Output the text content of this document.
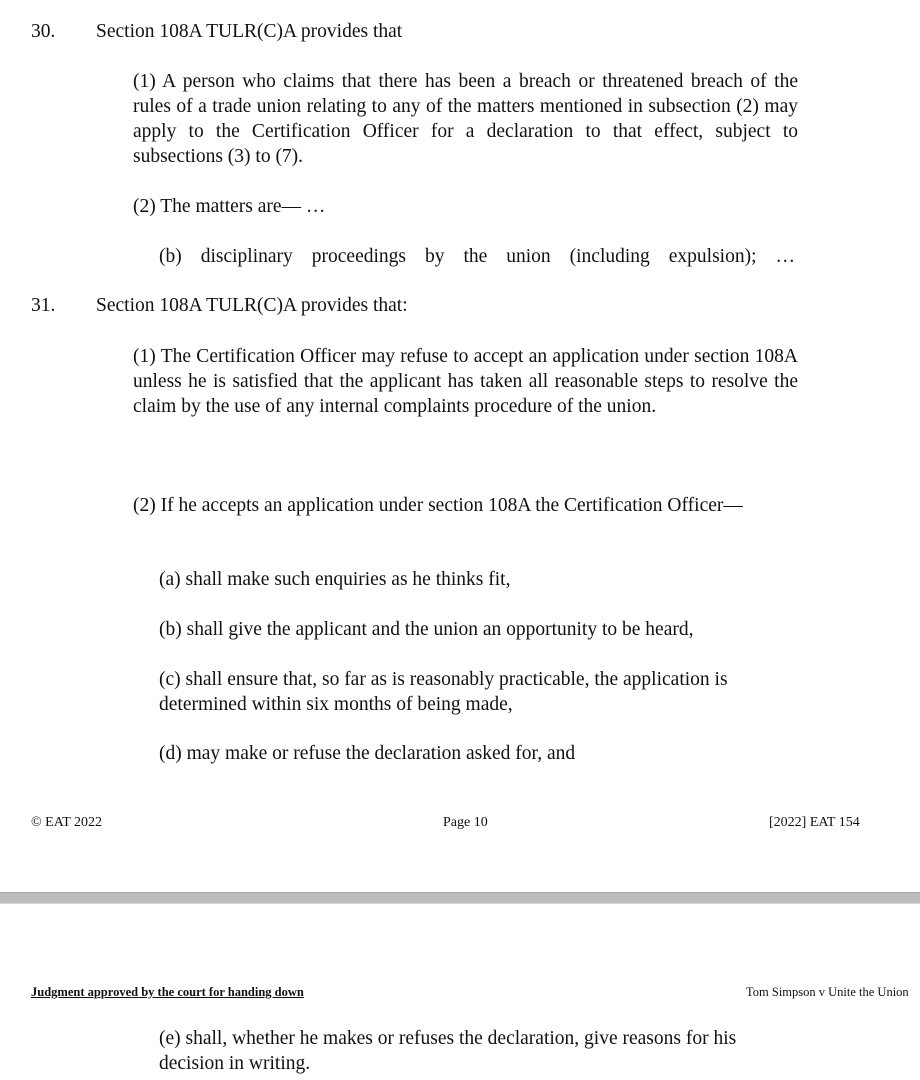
30. Section 108A TULR(C)A provides that
(1) A person who claims that there has been a breach or threatened breach of the rules of a trade union relating to any of the matters mentioned in subsection (2) may apply to the Certification Officer for a declaration to that effect, subject to subsections (3) to (7).
(2) The matters are— …
(b) disciplinary proceedings by the union (including expulsion); …
31. Section 108A TULR(C)A provides that:
(1) The Certification Officer may refuse to accept an application under section 108A unless he is satisfied that the applicant has taken all reasonable steps to resolve the claim by the use of any internal complaints procedure of the union.
(2) If he accepts an application under section 108A the Certification Officer—
(a) shall make such enquiries as he thinks fit,
(b) shall give the applicant and the union an opportunity to be heard,
(c) shall ensure that, so far as is reasonably practicable, the application is determined within six months of being made,
(d) may make or refuse the declaration asked for, and
© EAT 2022	Page 10	[2022] EAT 154
Judgment approved by the court for handing down	Tom Simpson v Unite the Union
(e) shall, whether he makes or refuses the declaration, give reasons for his decision in writing.
